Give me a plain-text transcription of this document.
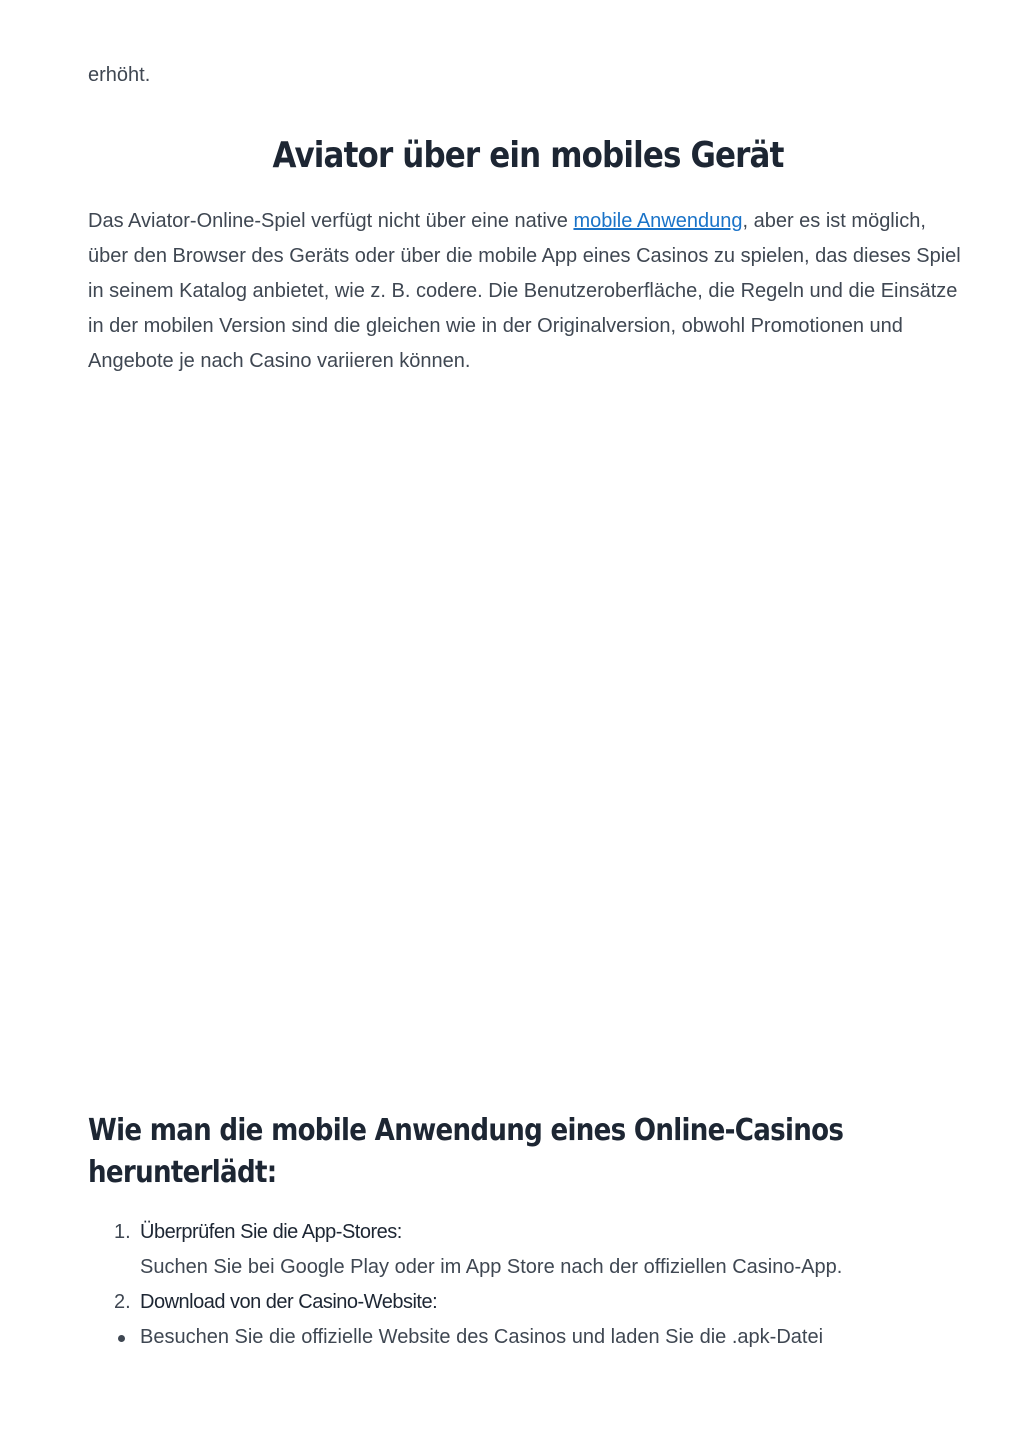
erhöht.
Aviator über ein mobiles Gerät

Das Aviator-Online-Spiel verfügt nicht über eine native mobile Anwendung, aber es ist möglich, über den Browser des Geräts oder über die mobile App eines Casinos zu spielen, das dieses Spiel in seinem Katalog anbietet, wie z. B. codere. Die Benutzeroberfläche, die Regeln und die Einsätze in der mobilen Version sind die gleichen wie in der Originalversion, obwohl Promotionen und Angebote je nach Casino variieren können.

Wie man die mobile Anwendung eines Online-Casinos
herunterlädt:
1. Überprüfen Sie die App-Stores:
Suchen Sie bei Google Play oder im App Store nach der offiziellen Casino-App.
2. Download von der Casino-Website:
Besuchen Sie die offizielle Website des Casinos und laden Sie die .apk-Datei
